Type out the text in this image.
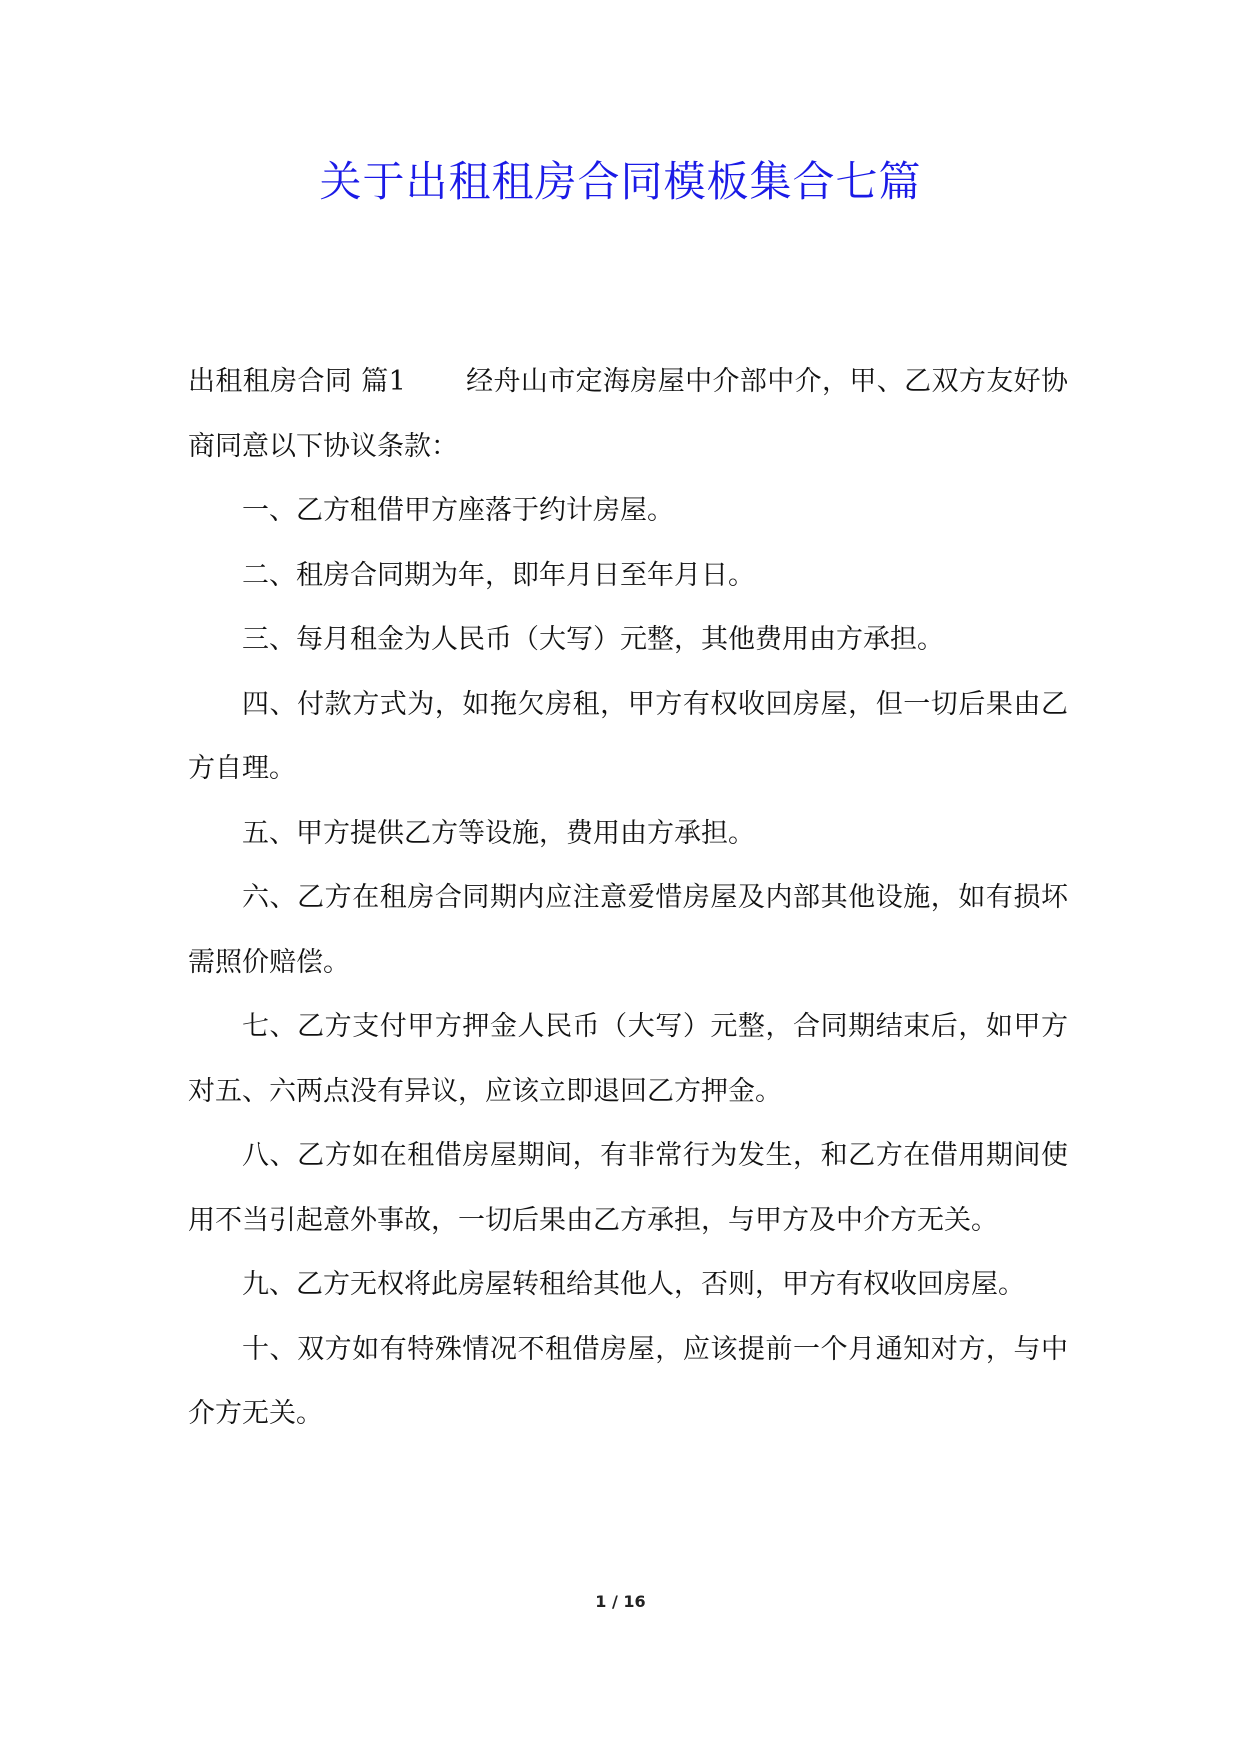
关于出租租房合同模板集合七篇

出租租房合同 篇1 经舟山市定海房屋中介部中介，甲、乙双方友好协商同意以下协议条款：

一、乙方租借甲方座落于约计房屋。

二、租房合同期为年，即年月日至年月日。

三、每月租金为人民币（大写）元整，其他费用由方承担。

四、付款方式为，如拖欠房租，甲方有权收回房屋，但一切后果由乙方自理。

五、甲方提供乙方等设施，费用由方承担。

六、乙方在租房合同期内应注意爱惜房屋及内部其他设施，如有损坏需照价赔偿。

七、乙方支付甲方押金人民币（大写）元整，合同期结束后，如甲方对五、六两点没有异议，应该立即退回乙方押金。

八、乙方如在租借房屋期间，有非常行为发生，和乙方在借用期间使用不当引起意外事故，一切后果由乙方承担，与甲方及中介方无关。

九、乙方无权将此房屋转租给其他人，否则，甲方有权收回房屋。

十、双方如有特殊情况不租借房屋，应该提前一个月通知对方，与中介方无关。

1 / 16
